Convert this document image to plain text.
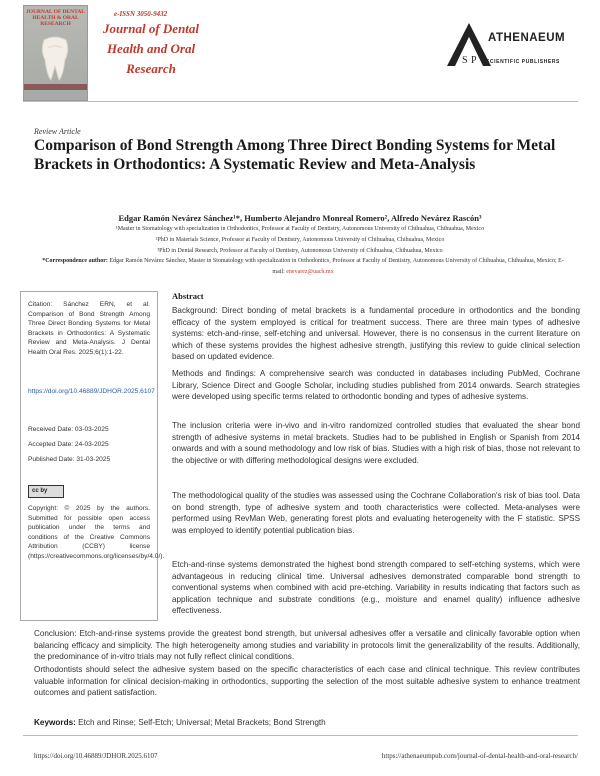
JOURNAL OF DENTAL HEALTH & ORAL RESEARCH
e-ISSN 3050-9432
Journal of Dental
Health and Oral
Research
S P
ATHENAEUM
SCIENTIFIC PUBLISHERS
Review Article
Comparison of Bond Strength Among Three Direct Bonding Systems for Metal Brackets in Orthodontics: A Systematic Review and Meta-Analysis
Edgar Ramón Nevárez Sánchez¹*, Humberto Alejandro Monreal Romero², Alfredo Nevárez Rascón³
¹Master in Stomatology with specialization in Orthodontics, Professor at Faculty of Dentistry, Autonomous University of Chihuahua, Chihuahua, Mexico
²PhD in Materials Science, Professor at Faculty of Dentistry, Autonomous University of Chihuahua, Chihuahua, Mexico
³PhD in Dental Research, Professor at Faculty of Dentistry, Autonomous University of Chihuahua, Chihuahua, Mexico
*Correspondence author: Edgar Ramón Nevárez Sánchez, Master in Stomatology with specialization in Orthodontics, Professor at Faculty of Dentistry, Autonomous University of Chihuahua, Chihuahua, Mexico; E-mail: enevarez@uach.mx
Citation: Sánchez ERN, et al. Comparison of Bond Strength Among Three Direct Bonding Systems for Metal Brackets in Orthodontics: A Systematic Review and Meta-Analysis. J Dental Health Oral Res. 2025;6(1):1-22.
https://doi.org/10.46889/JDHOR.2025.6107
Received Date: 03-03-2025
Accepted Date: 24-03-2025
Published Date: 31-03-2025
cc by
Copyright: © 2025 by the authors. Submitted for possible open access publication under the terms and conditions of the Creative Commons Attribution (CCBY) license (https://creativecommons.org/licenses/by/4.0/).
Abstract
Background: Direct bonding of metal brackets is a fundamental procedure in orthodontics and the bonding efficacy of the system employed is critical for treatment success. There are three main types of adhesive systems: etch-and-rinse, self-etching and universal. However, there is no consensus in the current literature on which of these systems provides the highest adhesive strength, justifying this review to guide clinical selection based on updated evidence.
Methods and findings: A comprehensive search was conducted in databases including PubMed, Cochrane Library, Science Direct and Google Scholar, including studies published from 2014 onwards. Search strategies were developed using specific terms related to orthodontic bonding and types of adhesive systems.
The inclusion criteria were in-vivo and in-vitro randomized controlled studies that evaluated the shear bond strength of adhesive systems in metal brackets. Studies had to be published in English or Spanish from 2014 onwards and with a sound methodology and low risk of bias. Studies with a high risk of bias, those not relevant to the objective or with differing methodological designs were excluded.
The methodological quality of the studies was assessed using the Cochrane Collaboration's risk of bias tool. Data on bond strength, type of adhesive system and tooth characteristics were collected. Meta-analyses were performed using RevMan Web, generating forest plots and evaluating heterogeneity with the F statistic. SPSS was employed to identify potential publication bias.
Etch-and-rinse systems demonstrated the highest bond strength compared to self-etching systems, which were advantageous in reducing clinical time. Universal adhesives demonstrated comparable bond strength to conventional systems when combined with acid pre-etching. Variability in results indicating that factors such as application technique and substrate conditions (e.g., moisture and enamel quality) influence adhesive effectiveness.
Conclusion: Etch-and-rinse systems provide the greatest bond strength, but universal adhesives offer a versatile and clinically favorable option when balancing efficacy and simplicity. The high heterogeneity among studies and variability in protocols limit the generalizability of the results. Additionally, the predominance of in-vitro trials may not fully reflect clinical conditions.
Orthodontists should select the adhesive system based on the specific characteristics of each case and clinical technique. This review contributes valuable information for clinical decision-making in orthodontics, supporting the selection of the most suitable adhesive system to enhance treatment outcomes and patient satisfaction.
Keywords: Etch and Rinse; Self-Etch; Universal; Metal Brackets; Bond Strength
https://doi.org/10.46889/JDHOR.2025.6107	https://athenaeumpub.com/journal-of-dental-health-and-oral-research/
